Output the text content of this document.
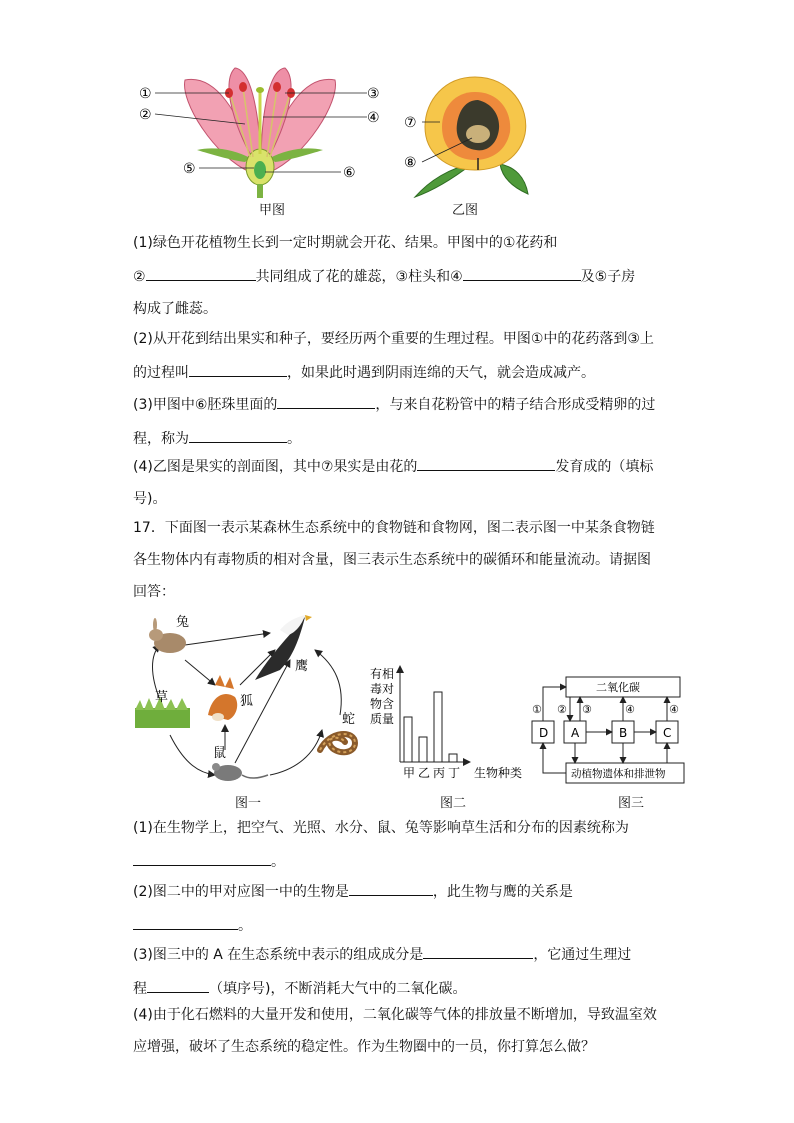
①
②
③
④
⑤	⑥
甲图
⑦
⑧
乙图
(1)绿色开花植物生长到一定时期就会开花、结果。甲图中的①花药和
②	共同组成了花的雄蕊，③柱头和④	及⑤子房
构成了雌蕊。
(2)从开花到结出果实和种子，要经历两个重要的生理过程。甲图①中的花药落到③上
的过程叫	，如果此时遇到阴雨连绵的天气，就会造成减产。
(3)甲图中⑥胚珠里面的	，与来自花粉管中的精子结合形成受精卵的过
程，称为	。
(4)乙图是果实的剖面图，其中⑦果实是由花的	发育成的（填标
号)。
17．下面图一表示某森林生态系统中的食物链和食物网，图二表示图一中某条食物链
各生物体内有毒物质的相对含量，图三表示生态系统中的碳循环和能量流动。请据图
回答：
兔
鹰
草	狐
鼠
蛇
图一
有相
毒对
物含
质量
甲 乙 丙 丁 生物种类
图二
二氧化碳
D A	B	C
动植物遗体和排泄物
① ② ③	④	④
图三
(1)在生物学上，把空气、光照、水分、鼠、兔等影响草生活和分布的因素统称为
。
(2)图二中的甲对应图一中的生物是	，此生物与鹰的关系是
。
(3)图三中的 A 在生态系统中表示的组成成分是	，它通过生理过
程	（填序号)，不断消耗大气中的二氧化碳。
(4)由于化石燃料的大量开发和使用，二氧化碳等气体的排放量不断增加，导致温室效
应增强，破坏了生态系统的稳定性。作为生物圈中的一员，你打算怎么做？
